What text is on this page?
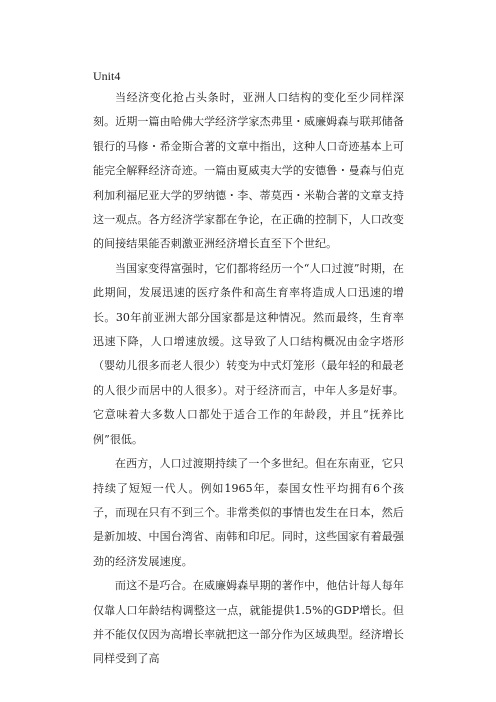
Unit4

当经济变化抢占头条时，亚洲人口结构的变化至少同样深刻。近期一篇由哈佛大学经济学家杰弗里・威廉姆森与联邦储备银行的马修・希金斯合著的文章中指出，这种人口奇迹基本上可能完全解释经济奇迹。一篇由夏威夷大学的安德鲁・曼森与伯克利加利福尼亚大学的罗纳德・李、蒂莫西・米勒合著的文章支持这一观点。各方经济学家都在争论，在正确的控制下，人口改变的间接结果能否刺激亚洲经济增长直至下个世纪。

当国家变得富强时，它们都将经历一个“人口过渡”时期，在此期间，发展迅速的医疗条件和高生育率将造成人口迅速的增长。30年前亚洲大部分国家都是这种情况。然而最终，生育率迅速下降，人口增速放缓。这导致了人口结构概况由金字塔形（婴幼儿很多而老人很少）转变为中式灯笼形（最年轻的和最老的人很少而居中的人很多）。对于经济而言，中年人多是好事。它意味着大多数人口都处于适合工作的年龄段，并且“抚养比例”很低。

在西方，人口过渡期持续了一个多世纪。但在东南亚，它只持续了短短一代人。例如1965年，泰国女性平均拥有6个孩子，而现在只有不到三个。非常类似的事情也发生在日本，然后是新加坡、中国台湾省、南韩和印尼。同时，这些国家有着最强劲的经济发展速度。

而这不是巧合。在威廉姆森早期的著作中，他估计每人每年仅靠人口年龄结构调整这一点，就能提供1.5%的GDP增长。但并不能仅仅因为高增长率就把这一部分作为区域典型。经济增长同样受到了高
